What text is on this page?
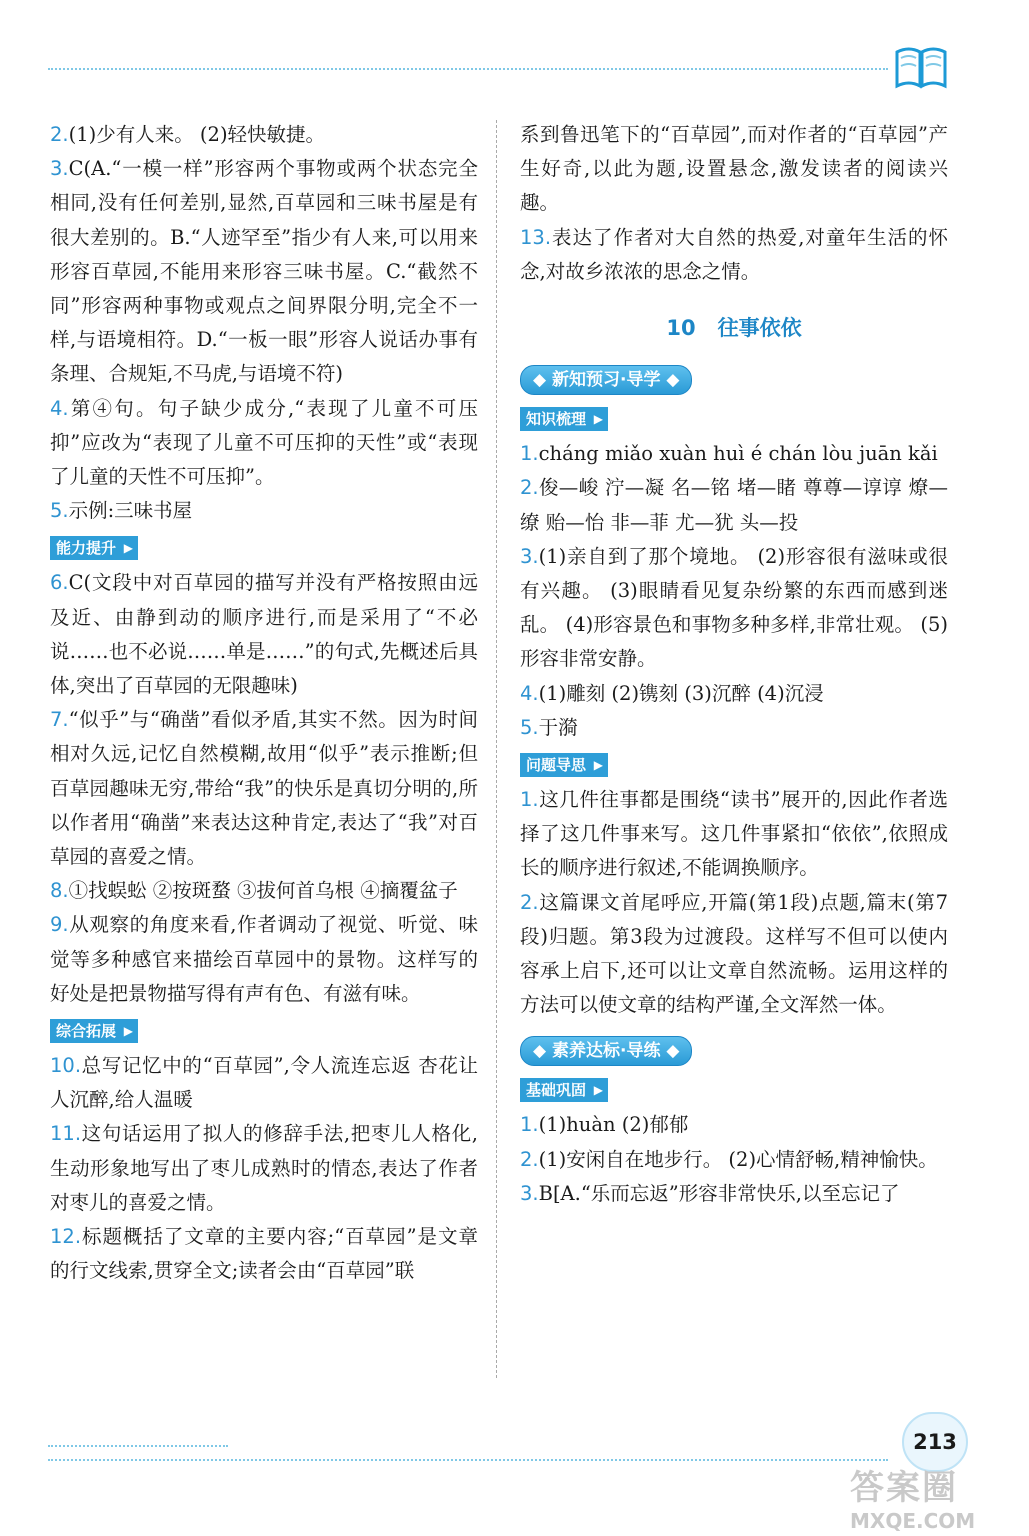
2.(1)少有人来。 (2)轻快敏捷。

3.C(A.“一模一样”形容两个事物或两个状态完全相同,没有任何差别,显然,百草园和三味书屋是有很大差别的。B.“人迹罕至”指少有人来,可以用来形容百草园,不能用来形容三味书屋。C.“截然不同”形容两种事物或观点之间界限分明,完全不一样,与语境相符。D.“一板一眼”形容人说话办事有条理、合规矩,不马虎,与语境不符)

4.第④句。句子缺少成分,“表现了儿童不可压抑”应改为“表现了儿童不可压抑的天性”或“表现了儿童的天性不可压抑”。

5.示例:三味书屋

能力提升 ▶

6.C(文段中对百草园的描写并没有严格按照由远及近、由静到动的顺序进行,而是采用了“不必说……也不必说……单是……”的句式,先概述后具体,突出了百草园的无限趣味)

7.“似乎”与“确凿”看似矛盾,其实不然。因为时间相对久远,记忆自然模糊,故用“似乎”表示推断;但百草园趣味无穷,带给“我”的快乐是真切分明的,所以作者用“确凿”来表达这种肯定,表达了“我”对百草园的喜爱之情。

8.①找蜈蚣 ②按斑蝥 ③拔何首乌根 ④摘覆盆子

9.从观察的角度来看,作者调动了视觉、听觉、味觉等多种感官来描绘百草园中的景物。这样写的好处是把景物描写得有声有色、有滋有味。

综合拓展 ▶

10.总写记忆中的“百草园”,令人流连忘返 杏花让人沉醉,给人温暖

11.这句话运用了拟人的修辞手法,把枣儿人格化,生动形象地写出了枣儿成熟时的情态,表达了作者对枣儿的喜爱之情。

12.标题概括了文章的主要内容;“百草园”是文章的行文线索,贯穿全文;读者会由“百草园”联

系到鲁迅笔下的“百草园”,而对作者的“百草园”产生好奇,以此为题,设置悬念,激发读者的阅读兴趣。

13.表达了作者对大自然的热爱,对童年生活的怀念,对故乡浓浓的思念之情。

10 往事依依
◆ 新知预习·导学 ◆
知识梳理 ▶

1.cháng miǎo xuàn huì é chán lòu juān kǎi

2.俊—峻 泞—凝 名—铭 堵—睹 尊尊—谆谆 燎—缭 贻—怡 非—菲 尤—犹 头—投

3.(1)亲自到了那个境地。 (2)形容很有滋味或很有兴趣。 (3)眼睛看见复杂纷繁的东西而感到迷乱。 (4)形容景色和事物多种多样,非常壮观。 (5)形容非常安静。

4.(1)雕刻 (2)镌刻 (3)沉醉 (4)沉浸

5.于漪

问题导思 ▶

1.这几件往事都是围绕“读书”展开的,因此作者选择了这几件事来写。这几件事紧扣“依依”,依照成长的顺序进行叙述,不能调换顺序。

2.这篇课文首尾呼应,开篇(第1段)点题,篇末(第7段)归题。第3段为过渡段。这样写不但可以使内容承上启下,还可以让文章自然流畅。运用这样的方法可以使文章的结构严谨,全文浑然一体。

◆ 素养达标·导练 ◆
基础巩固 ▶

1.(1)huàn (2)郁郁

2.(1)安闲自在地步行。 (2)心情舒畅,精神愉快。

3.B[A.“乐而忘返”形容非常快乐,以至忘记了

213
答案圈
MXQE.COM
